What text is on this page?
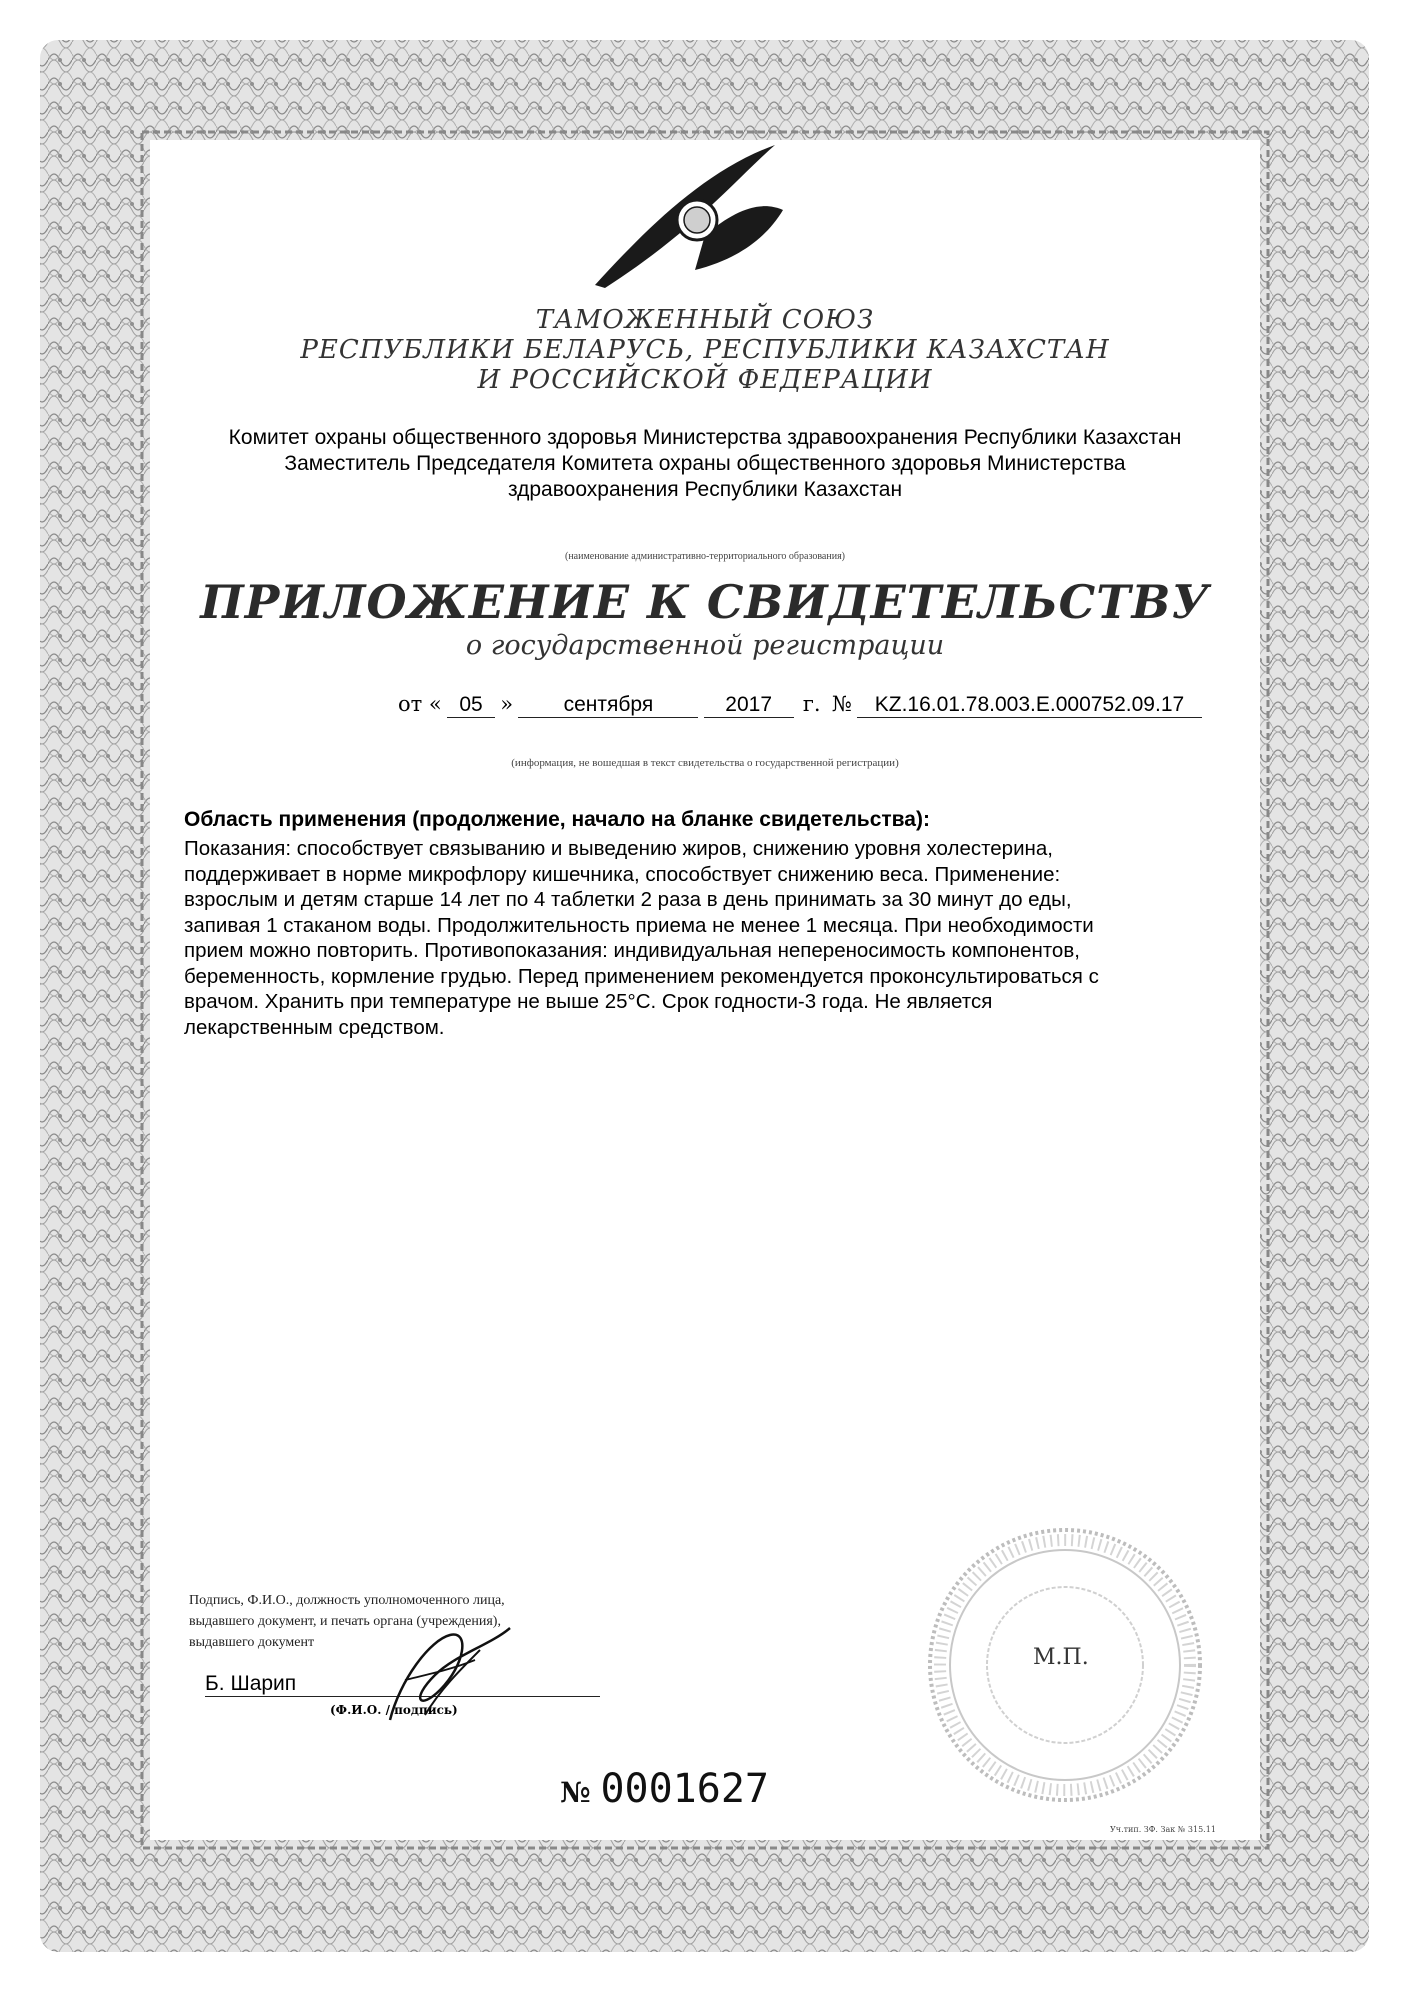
ТАМОЖЕННЫЙ СОЮЗ
РЕСПУБЛИКИ БЕЛАРУСЬ, РЕСПУБЛИКИ КАЗАХСТАН
И РОССИЙСКОЙ ФЕДЕРАЦИИ
Комитет охраны общественного здоровья Министерства здравоохранения Республики Казахстан
Заместитель Председателя Комитета охраны общественного здоровья Министерства
здравоохранения Республики Казахстан
(наименование административно-территориального образования)
ПРИЛОЖЕНИЕ К СВИДЕТЕЛЬСТВУ
о государственной регистрации
от « 05 » сентября	2017 г. № KZ.16.01.78.003.E.000752.09.17
(информация, не вошедшая в текст свидетельства о государственной регистрации)
Область применения (продолжение, начало на бланке свидетельства):
Показания: способствует связыванию и выведению жиров, снижению уровня холестерина,
поддерживает в норме микрофлору кишечника, способствует снижению веса. Применение:
взрослым и детям старше 14 лет по 4 таблетки 2 раза в день принимать за 30 минут до еды,
запивая 1 стаканом воды. Продолжительность приема не менее 1 месяца. При необходимости
прием можно повторить. Противопоказания: индивидуальная непереносимость компонентов,
беременность, кормление грудью. Перед применением рекомендуется проконсультироваться с
врачом. Хранить при температуре не выше 25°С. Срок годности-3 года. Не является
лекарственным средством.
Подпись, Ф.И.О., должность уполномоченного лица,
выдавшего документ, и печать органа (учреждения),
выдавшего документ
Б. Шарип
(Ф.И.О. / подпись)
М.П.
№ 0001627
Уч.тип. ЗФ. Зак № 315.11
